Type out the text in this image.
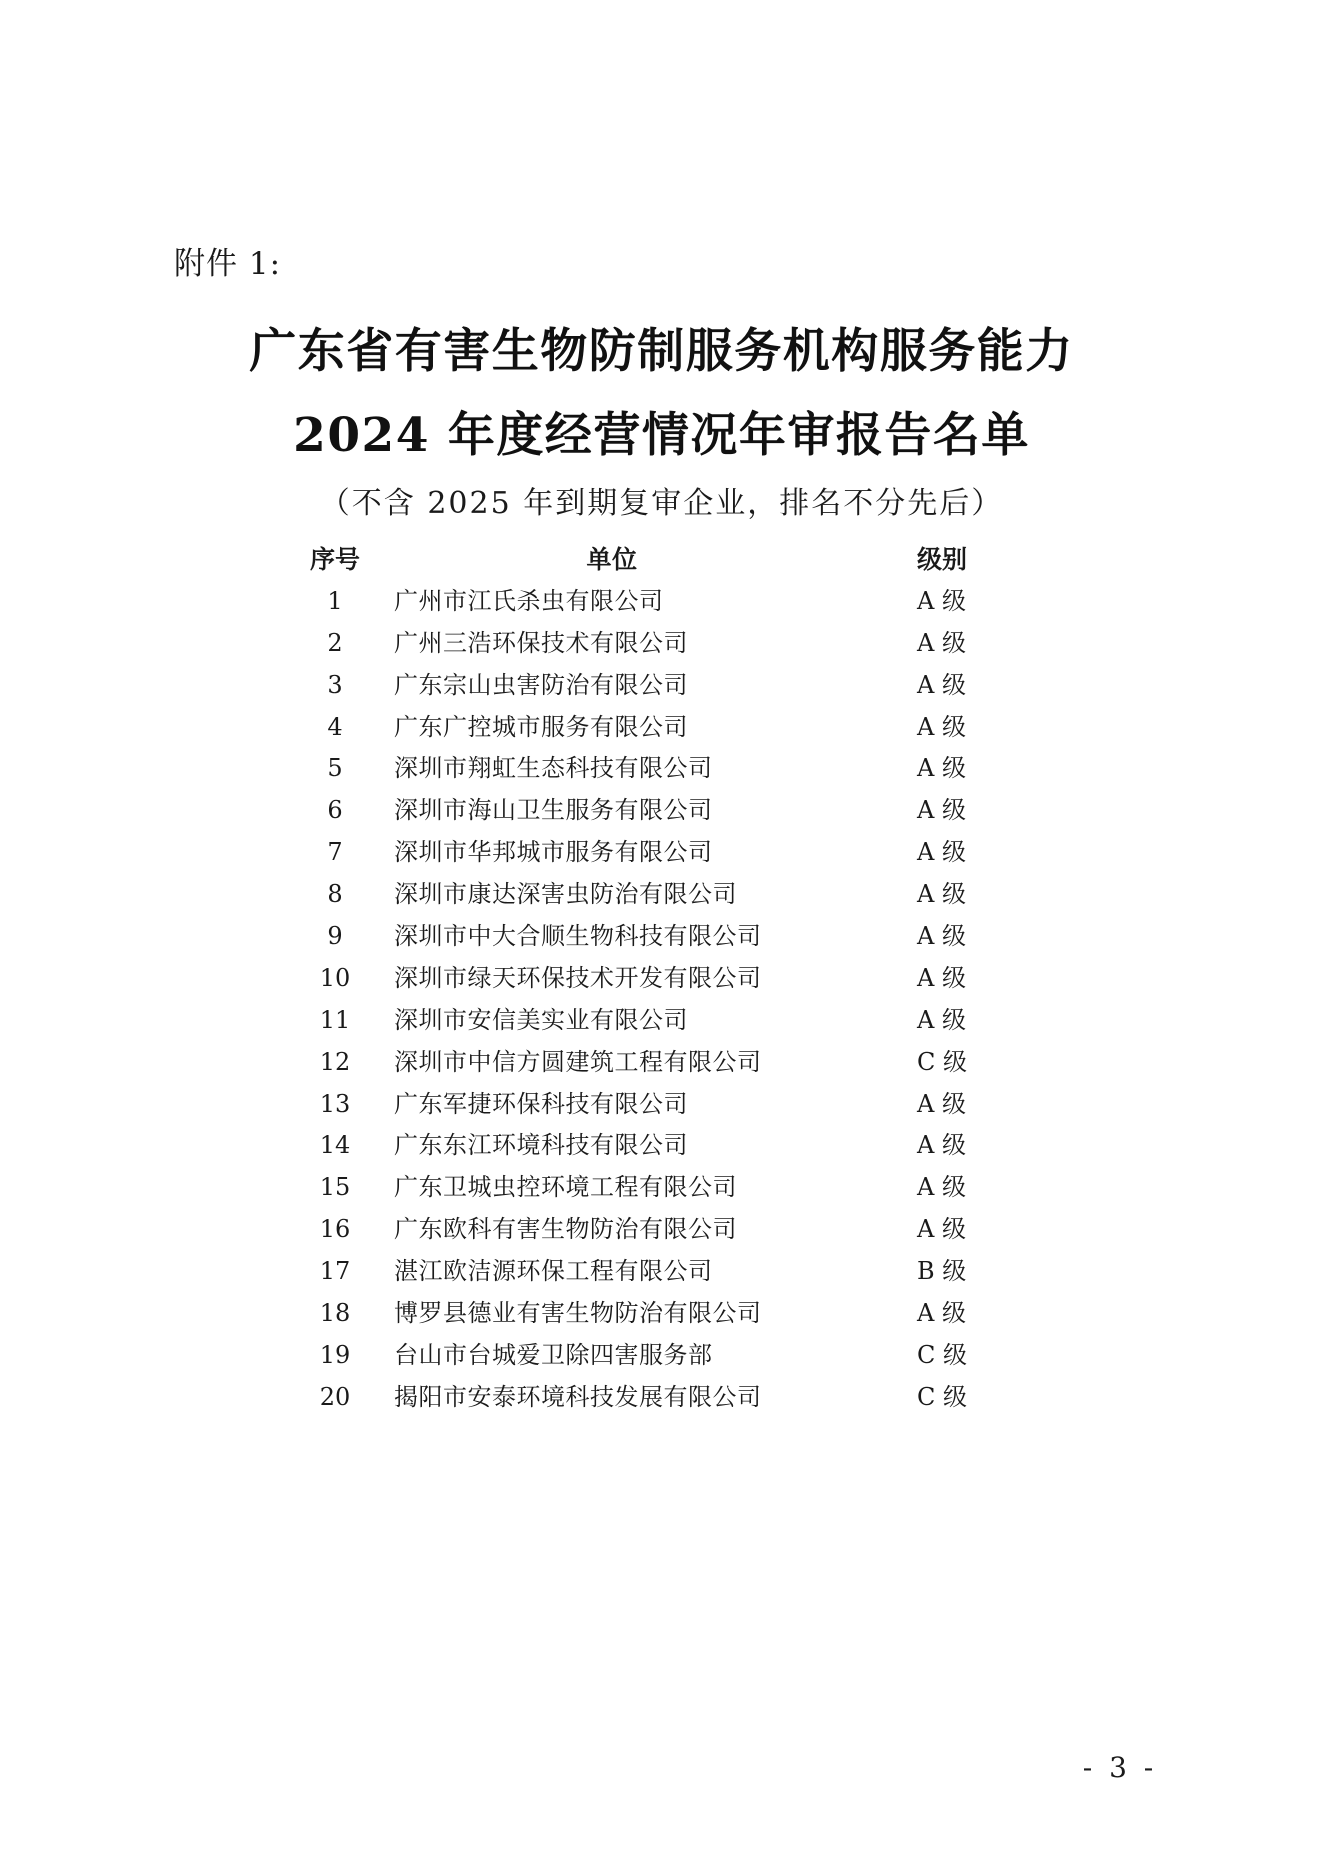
附件 1:
广东省有害生物防制服务机构服务能力
2024 年度经营情况年审报告名单
（不含 2025 年到期复审企业，排名不分先后）
序号	单位	级别
1	广州市江氏杀虫有限公司	A 级
2	广州三浩环保技术有限公司	A 级
3	广东宗山虫害防治有限公司	A 级
4	广东广控城市服务有限公司	A 级
5	深圳市翔虹生态科技有限公司	A 级
6	深圳市海山卫生服务有限公司	A 级
7	深圳市华邦城市服务有限公司	A 级
8	深圳市康达深害虫防治有限公司	A 级
9	深圳市中大合顺生物科技有限公司	A 级
10	深圳市绿天环保技术开发有限公司	A 级
11	深圳市安信美实业有限公司	A 级
12	深圳市中信方圆建筑工程有限公司	C 级
13	广东军捷环保科技有限公司	A 级
14	广东东江环境科技有限公司	A 级
15	广东卫城虫控环境工程有限公司	A 级
16	广东欧科有害生物防治有限公司	A 级
17	湛江欧洁源环保工程有限公司	B 级
18	博罗县德业有害生物防治有限公司	A 级
19	台山市台城爱卫除四害服务部	C 级
20	揭阳市安泰环境科技发展有限公司	C 级
- 3 -
